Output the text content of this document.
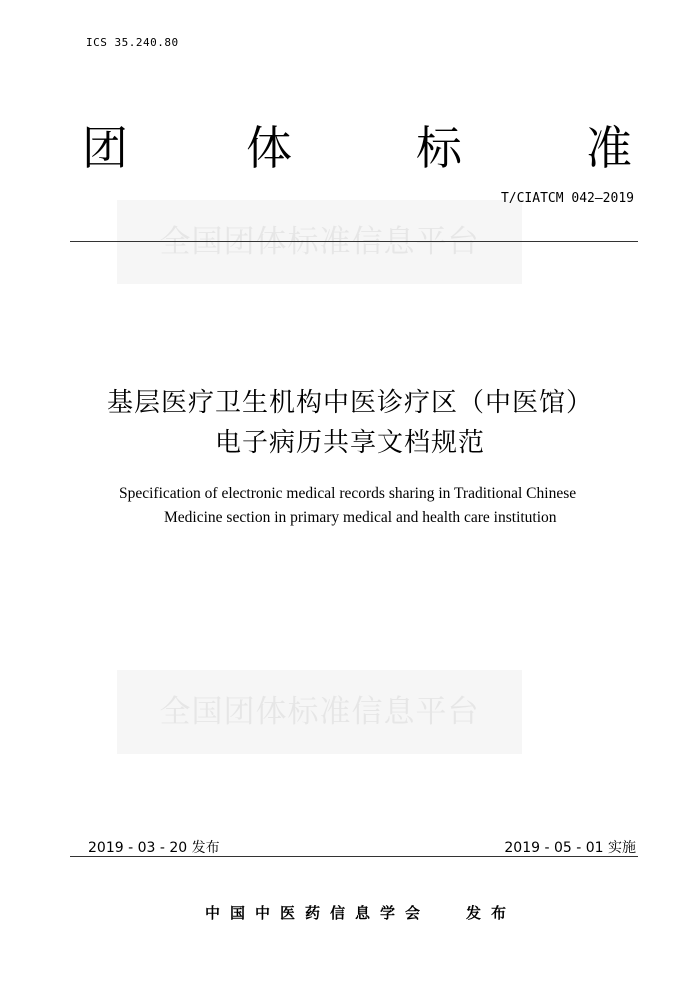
ICS 35.240.80
团	体	标	准
全国团体标准信息平台
T/CIATCM 042—2019
基层医疗卫生机构中医诊疗区（中医馆）
电子病历共享文档规范
Specification of electronic medical records sharing in Traditional Chinese
Medicine section in primary medical and health care institution
全国团体标准信息平台
2019 - 03 - 20 发布	2019 - 05 - 01 实施
中国中医药信息学会 发布
